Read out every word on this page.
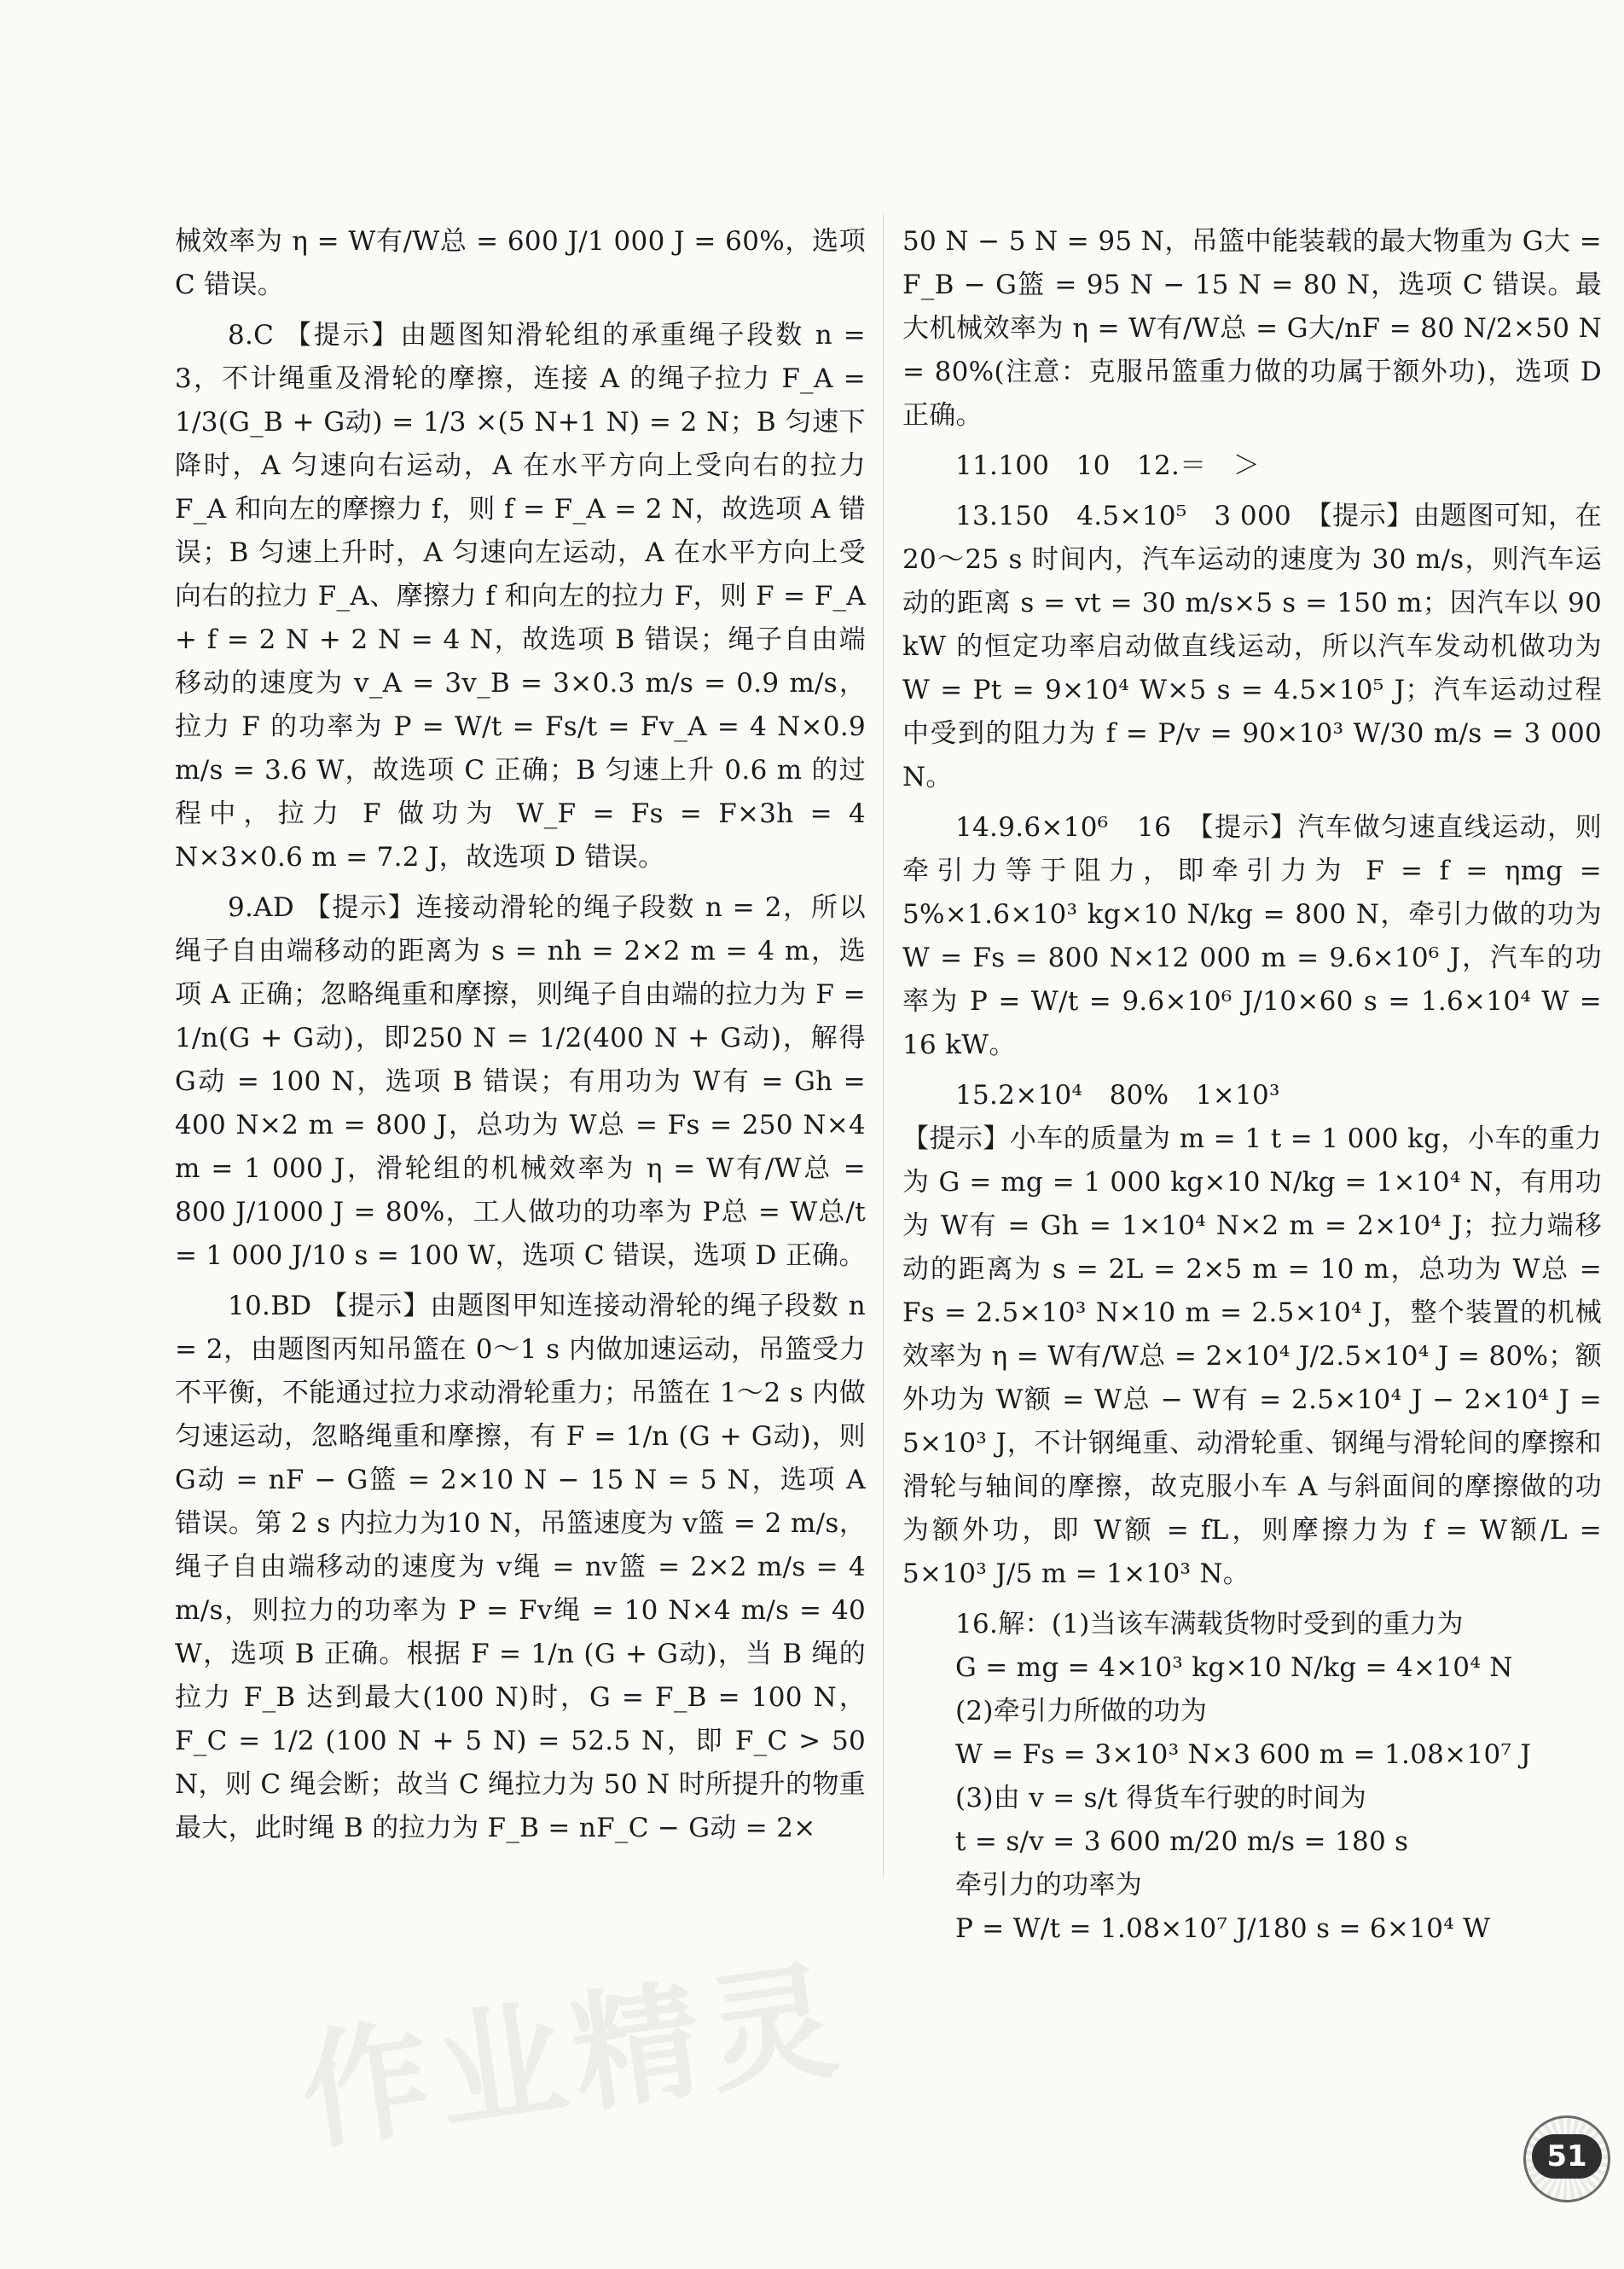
械效率为 η = W有/W总 = 600 J/1 000 J = 60%，选项 C 错误。

8.C 【提示】由题图知滑轮组的承重绳子段数 n = 3，不计绳重及滑轮的摩擦，连接 A 的绳子拉力 F_A = 1/3(G_B + G动) = 1/3 ×(5 N+1 N) = 2 N；B 匀速下降时，A 匀速向右运动，A 在水平方向上受向右的拉力 F_A 和向左的摩擦力 f，则 f = F_A = 2 N，故选项 A 错误；B 匀速上升时，A 匀速向左运动，A 在水平方向上受向右的拉力 F_A、摩擦力 f 和向左的拉力 F，则 F = F_A + f = 2 N + 2 N = 4 N，故选项 B 错误；绳子自由端移动的速度为 v_A = 3v_B = 3×0.3 m/s = 0.9 m/s，拉力 F 的功率为 P = W/t = Fs/t = Fv_A = 4 N×0.9 m/s = 3.6 W，故选项 C 正确；B 匀速上升 0.6 m 的过程中，拉力 F 做功为 W_F = Fs = F×3h = 4 N×3×0.6 m = 7.2 J，故选项 D 错误。

9.AD 【提示】连接动滑轮的绳子段数 n = 2，所以绳子自由端移动的距离为 s = nh = 2×2 m = 4 m，选项 A 正确；忽略绳重和摩擦，则绳子自由端的拉力为 F = 1/n(G + G动)，即250 N = 1/2(400 N + G动)，解得 G动 = 100 N，选项 B 错误；有用功为 W有 = Gh = 400 N×2 m = 800 J，总功为 W总 = Fs = 250 N×4 m = 1 000 J，滑轮组的机械效率为 η = W有/W总 = 800 J/1000 J = 80%，工人做功的功率为 P总 = W总/t = 1 000 J/10 s = 100 W，选项 C 错误，选项 D 正确。

10.BD 【提示】由题图甲知连接动滑轮的绳子段数 n = 2，由题图丙知吊篮在 0～1 s 内做加速运动，吊篮受力不平衡，不能通过拉力求动滑轮重力；吊篮在 1～2 s 内做匀速运动，忽略绳重和摩擦，有 F = 1/n (G + G动)，则 G动 = nF − G篮 = 2×10 N − 15 N = 5 N，选项 A 错误。第 2 s 内拉力为10 N，吊篮速度为 v篮 = 2 m/s，绳子自由端移动的速度为 v绳 = nv篮 = 2×2 m/s = 4 m/s，则拉力的功率为 P = Fv绳 = 10 N×4 m/s = 40 W，选项 B 正确。根据 F = 1/n (G + G动)，当 B 绳的拉力 F_B 达到最大(100 N)时，G = F_B = 100 N，F_C = 1/2 (100 N + 5 N) = 52.5 N，即 F_C > 50 N，则 C 绳会断；故当 C 绳拉力为 50 N 时所提升的物重最大，此时绳 B 的拉力为 F_B = nF_C − G动 = 2×

50 N − 5 N = 95 N，吊篮中能装载的最大物重为 G大 = F_B − G篮 = 95 N − 15 N = 80 N，选项 C 错误。最大机械效率为 η = W有/W总 = G大/nF = 80 N/2×50 N = 80%(注意：克服吊篮重力做的功属于额外功)，选项 D 正确。

11.100　10　12.＝　＞

13.150　4.5×10⁵　3 000　【提示】由题图可知，在 20～25 s 时间内，汽车运动的速度为 30 m/s，则汽车运动的距离 s = vt = 30 m/s×5 s = 150 m；因汽车以 90 kW 的恒定功率启动做直线运动，所以汽车发动机做功为 W = Pt = 9×10⁴ W×5 s = 4.5×10⁵ J；汽车运动过程中受到的阻力为 f = P/v = 90×10³ W/30 m/s = 3 000 N。

14.9.6×10⁶　16　【提示】汽车做匀速直线运动，则牵引力等于阻力，即牵引力为 F = f = ηmg = 5%×1.6×10³ kg×10 N/kg = 800 N，牵引力做的功为 W = Fs = 800 N×12 000 m = 9.6×10⁶ J，汽车的功率为 P = W/t = 9.6×10⁶ J/10×60 s = 1.6×10⁴ W = 16 kW。

15.2×10⁴　80%　1×10³

【提示】小车的质量为 m = 1 t = 1 000 kg，小车的重力为 G = mg = 1 000 kg×10 N/kg = 1×10⁴ N，有用功为 W有 = Gh = 1×10⁴ N×2 m = 2×10⁴ J；拉力端移动的距离为 s = 2L = 2×5 m = 10 m，总功为 W总 = Fs = 2.5×10³ N×10 m = 2.5×10⁴ J，整个装置的机械效率为 η = W有/W总 = 2×10⁴ J/2.5×10⁴ J = 80%；额外功为 W额 = W总 − W有 = 2.5×10⁴ J − 2×10⁴ J = 5×10³ J，不计钢绳重、动滑轮重、钢绳与滑轮间的摩擦和滑轮与轴间的摩擦，故克服小车 A 与斜面间的摩擦做的功为额外功，即 W额 = fL，则摩擦力为 f = W额/L = 5×10³ J/5 m = 1×10³ N。

16.解：(1)当该车满载货物时受到的重力为

G = mg = 4×10³ kg×10 N/kg = 4×10⁴ N

(2)牵引力所做的功为

W = Fs = 3×10³ N×3 600 m = 1.08×10⁷ J

(3)由 v = s/t 得货车行驶的时间为

t = s/v = 3 600 m/20 m/s = 180 s

牵引力的功率为

P = W/t = 1.08×10⁷ J/180 s = 6×10⁴ W

作业精灵	51
